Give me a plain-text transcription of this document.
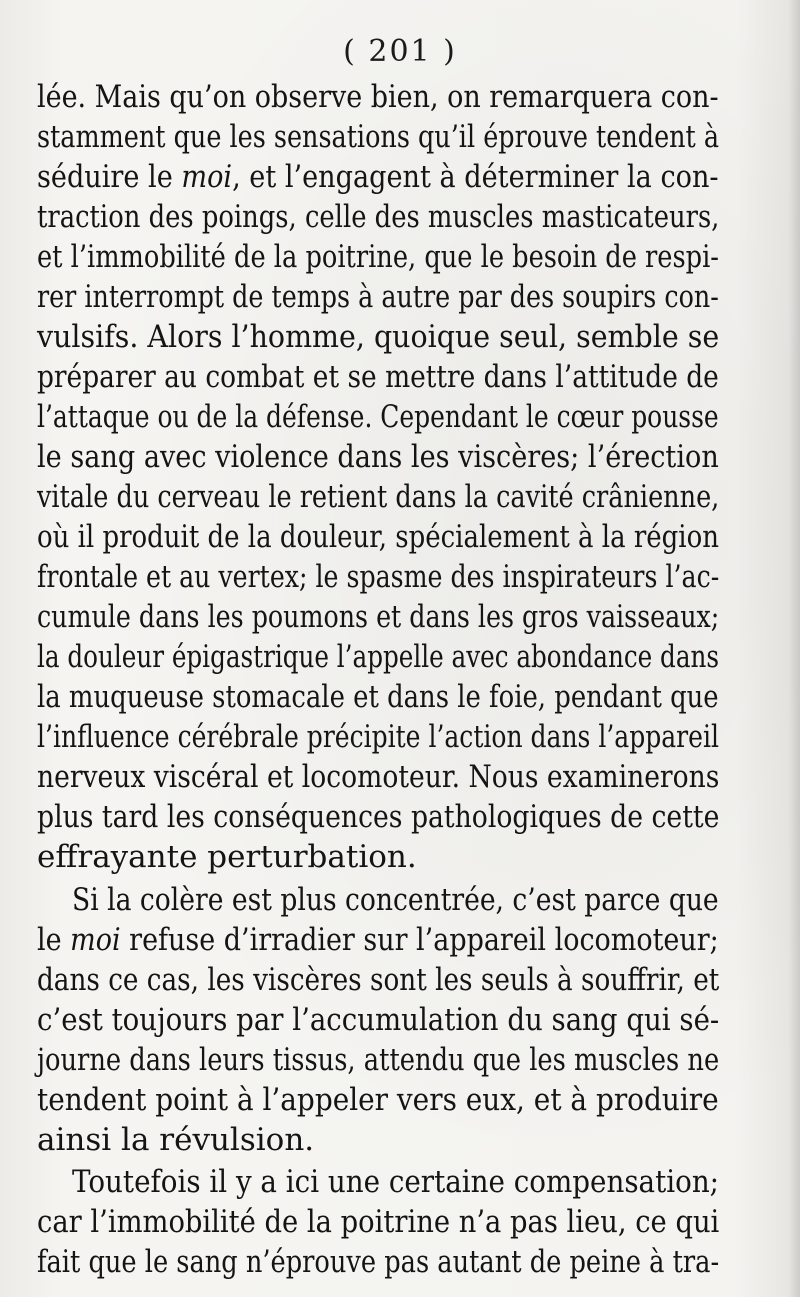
( 201 )
lée. Mais qu’on observe bien, on remarquera con-
stamment que les sensations qu’il éprouve tendent à
séduire le moi, et l’engagent à déterminer la con-
traction des poings, celle des muscles masticateurs,
et l’immobilité de la poitrine, que le besoin de respi-
rer interrompt de temps à autre par des soupirs con-
vulsifs. Alors l’homme, quoique seul, semble se
préparer au combat et se mettre dans l’attitude de
l’attaque ou de la défense. Cependant le cœur pousse
le sang avec violence dans les viscères; l’érection
vitale du cerveau le retient dans la cavité crânienne,
où il produit de la douleur, spécialement à la région
frontale et au vertex; le spasme des inspirateurs l’ac-
cumule dans les poumons et dans les gros vaisseaux;
la douleur épigastrique l’appelle avec abondance dans
la muqueuse stomacale et dans le foie, pendant que
l’influence cérébrale précipite l’action dans l’appareil
nerveux viscéral et locomoteur. Nous examinerons
plus tard les conséquences pathologiques de cette
effrayante perturbation.
Si la colère est plus concentrée, c’est parce que
le moi refuse d’irradier sur l’appareil locomoteur;
dans ce cas, les viscères sont les seuls à souffrir, et
c’est toujours par l’accumulation du sang qui sé-
journe dans leurs tissus, attendu que les muscles ne
tendent point à l’appeler vers eux, et à produire
ainsi la révulsion.
Toutefois il y a ici une certaine compensation;
car l’immobilité de la poitrine n’a pas lieu, ce qui
fait que le sang n’éprouve pas autant de peine à tra-
